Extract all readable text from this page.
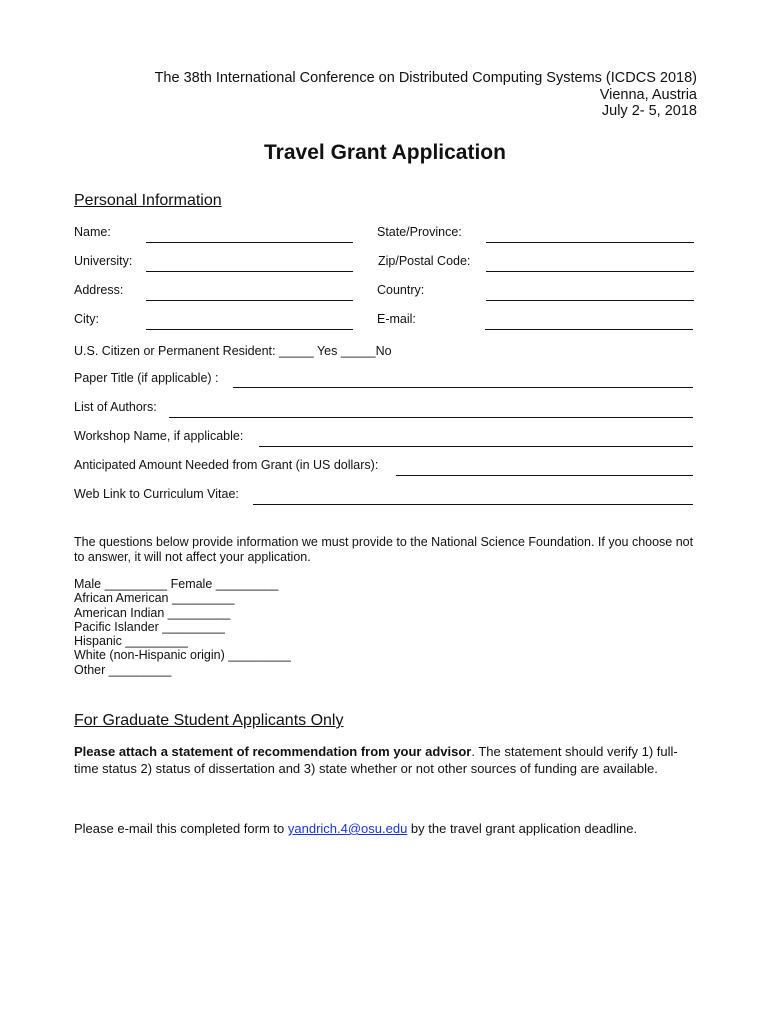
The 38th International Conference on Distributed Computing Systems (ICDCS 2018)
Vienna, Austria
July 2- 5, 2018
Travel Grant Application
Personal Information
Name:	State/Province:
University:	Zip/Postal Code:
Address:	Country:
City:	E-mail:
U.S. Citizen or Permanent Resident: _____ Yes _____No
Paper Title (if applicable) :
List of Authors:
Workshop Name, if applicable:
Anticipated Amount Needed from Grant (in US dollars):
Web Link to Curriculum Vitae:
The questions below provide information we must provide to the National Science Foundation. If you choose not to answer, it will not affect your application.
Male _________ Female _________
African American _________
American Indian _________
Pacific Islander _________
Hispanic _________
White (non-Hispanic origin) _________
Other _________
For Graduate Student Applicants Only
Please attach a statement of recommendation from your advisor. The statement should verify 1) full-time status 2) status of dissertation and 3) state whether or not other sources of funding are available.
Please e-mail this completed form to yandrich.4@osu.edu by the travel grant application deadline.
